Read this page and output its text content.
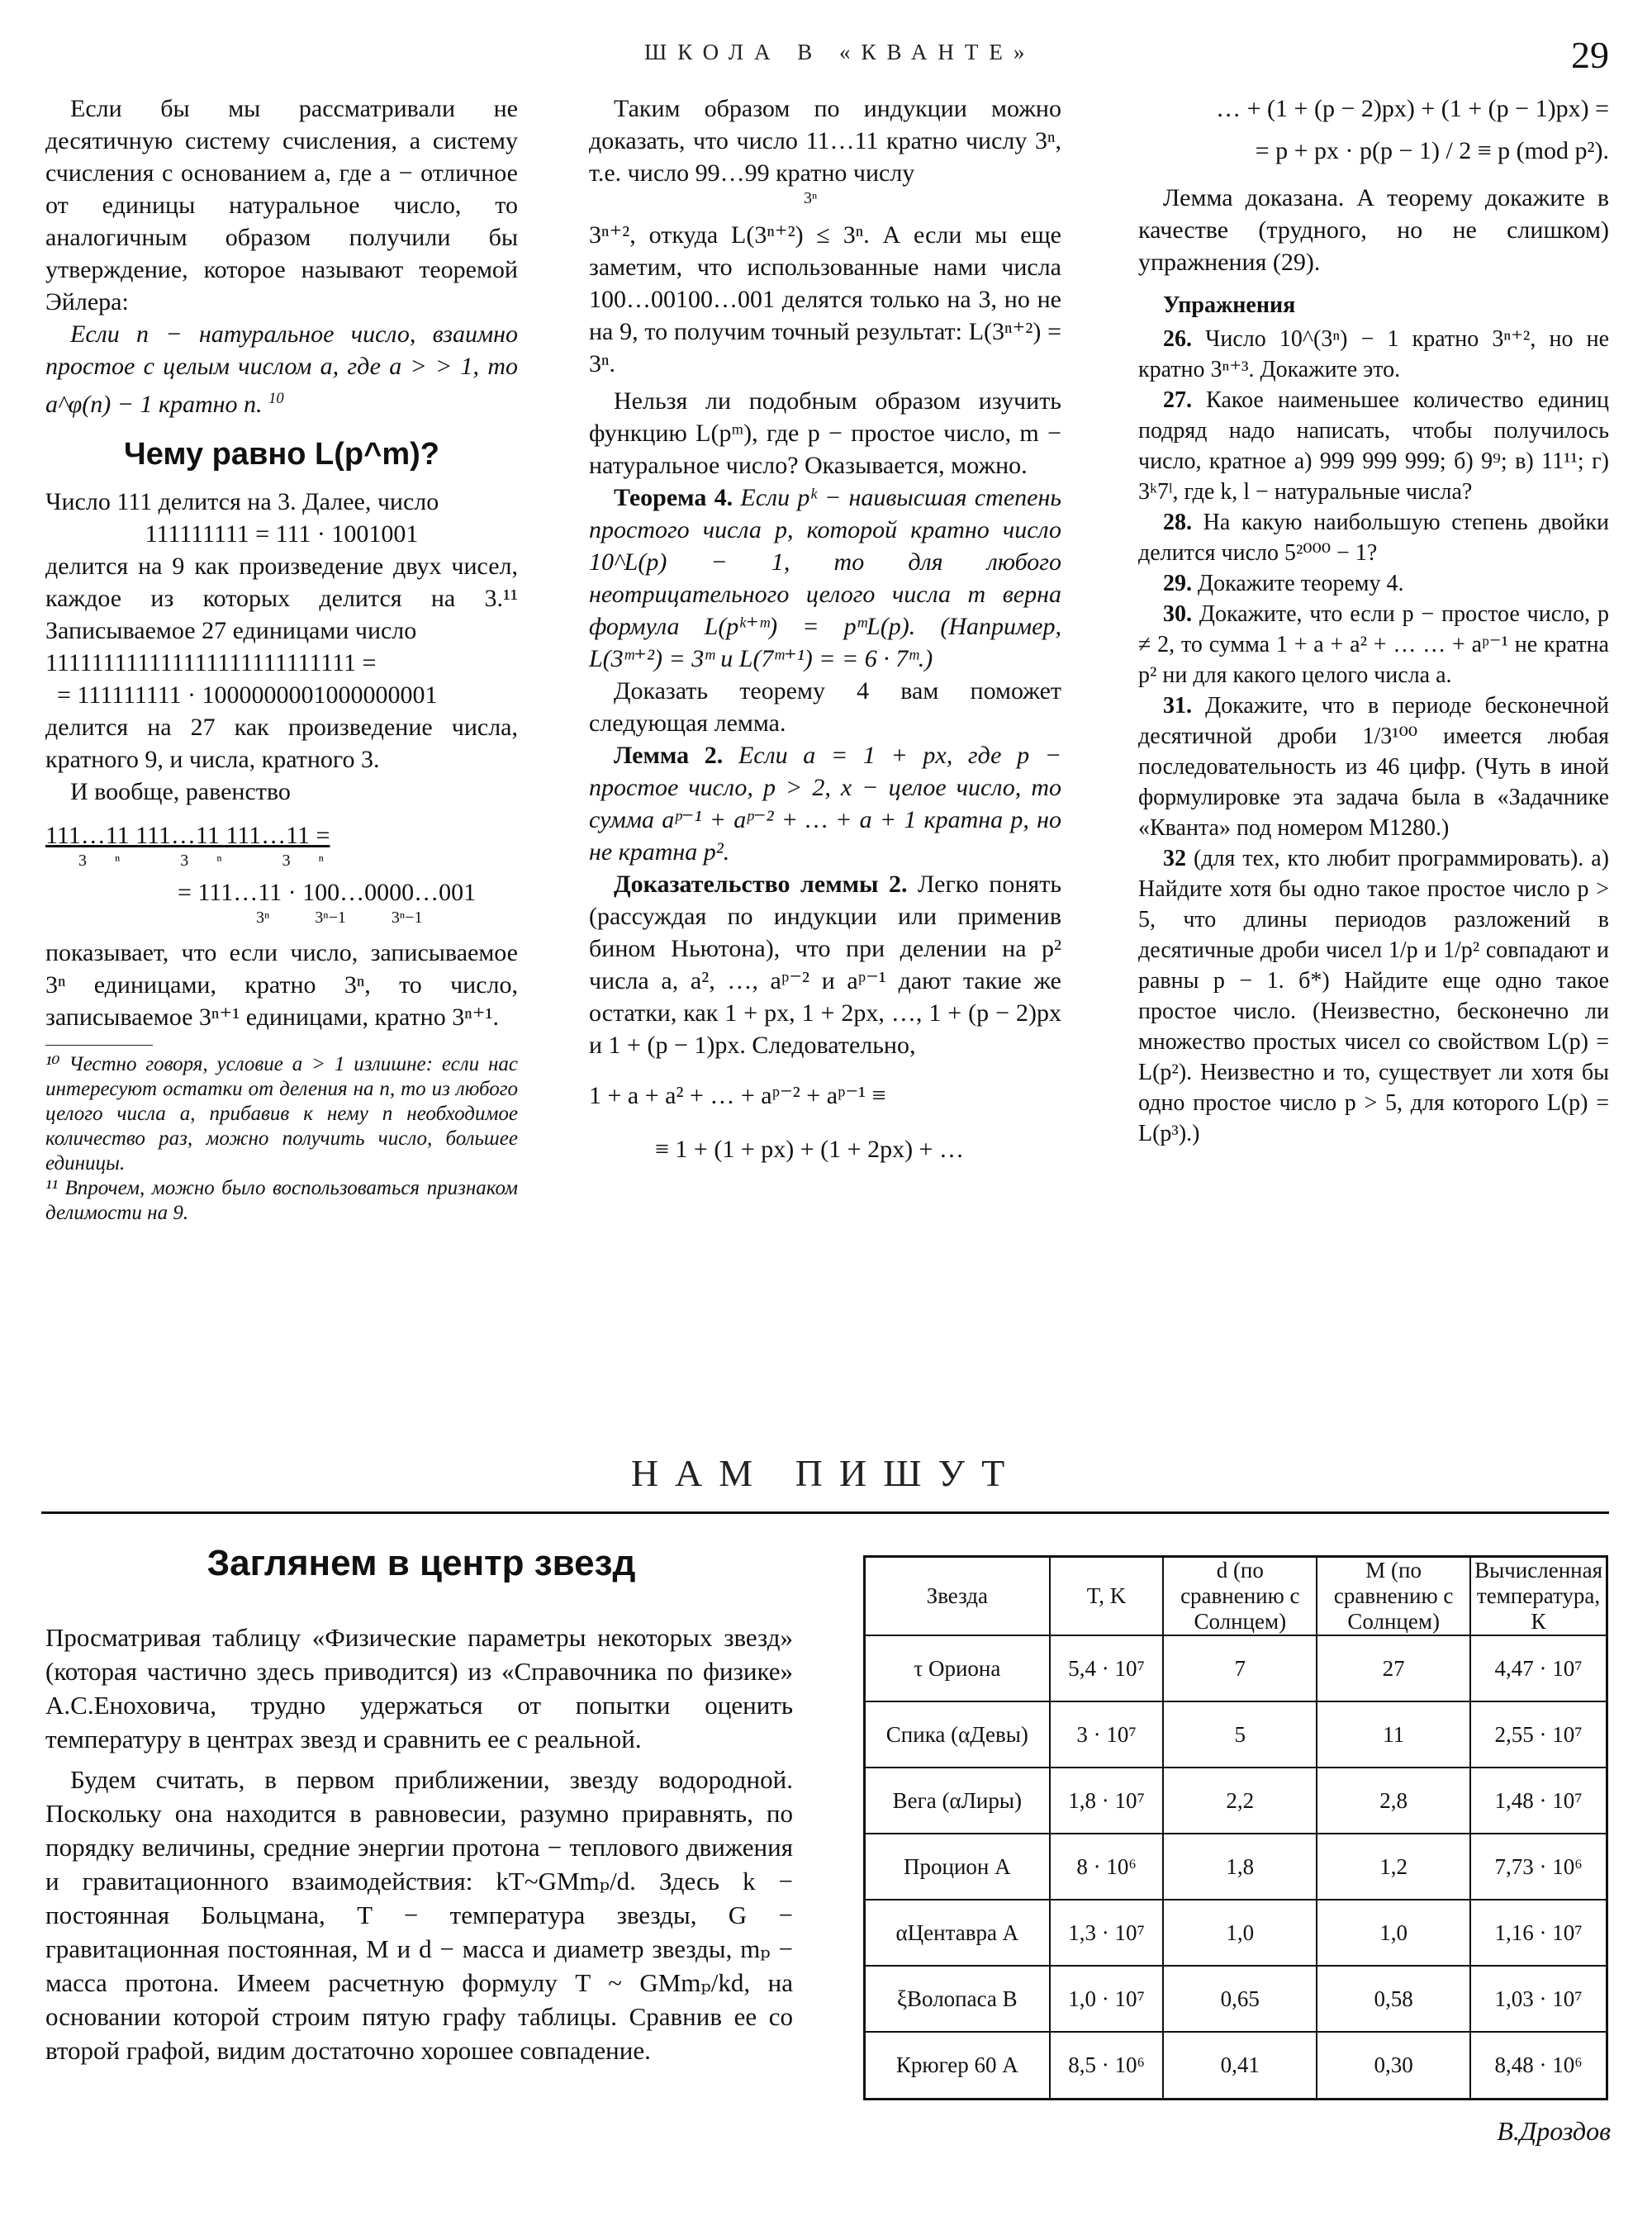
ШКОЛА В «КВАНТЕ»	29

Если бы мы рассматривали не десятичную систему счисления, а систему счисления с основанием a, где a − отличное от единицы натуральное число, то аналогичным образом получили бы утверждение, которое называют теоремой Эйлера:

Если n − натуральное число, взаимно простое с целым числом a, где a > > 1, то a^φ(n) − 1 кратно n. $^{10}$

Чему равно L(p^m)?

Число 111 делится на 3. Далее, число

111111111 = 111 · 1001001

делится на 9 как произведение двух чисел, каждое из которых делится на 3.¹¹ Записываемое 27 единицами число

111111111111111111111111111 =

= 111111111 · 1000000001000000001

делится на 27 как произведение числа, кратного 9, и числа, кратного 3.

И вообще, равенство

111…11 111…11 111…11 =

3ⁿ 3ⁿ 3ⁿ

= 111…11 · 100…0000…001

3ⁿ 3ⁿ−1 3ⁿ−1

показывает, что если число, записываемое 3ⁿ единицами, кратно 3ⁿ, то число, записываемое 3ⁿ⁺¹ единицами, кратно 3ⁿ⁺¹.

¹⁰ Честно говоря, условие a > 1 излишне: если нас интересуют остатки от деления на n, то из любого целого числа a, прибавив к нему n необходимое количество раз, можно получить число, большее единицы.

¹¹ Впрочем, можно было воспользоваться признаком делимости на 9.

Таким образом по индукции можно доказать, что число 11…11 кратно числу 3ⁿ, т.е. число 99…99 кратно числу

3ⁿ

3ⁿ⁺², откуда L(3ⁿ⁺²) ≤ 3ⁿ. А если мы еще заметим, что использованные нами числа 100…00100…001 делятся только на 3, но не на 9, то получим точный результат: L(3ⁿ⁺²) = 3ⁿ.

Нельзя ли подобным образом изучить функцию L(pᵐ), где p − простое число, m − натуральное число? Оказывается, можно.

Теорема 4. Если pᵏ − наивысшая степень простого числа p, которой кратно число 10^L(p) − 1, то для любого неотрицательного целого числа m верна формула L(pᵏ⁺ᵐ) = pᵐL(p). (Например, L(3ᵐ⁺²) = 3ᵐ и L(7ᵐ⁺¹) = = 6 · 7ᵐ.)

Доказать теорему 4 вам поможет следующая лемма.

Лемма 2. Если a = 1 + px, где p − простое число, p > 2, x − целое число, то сумма aᵖ⁻¹ + aᵖ⁻² + … + a + 1 кратна p, но не кратна p².

Доказательство леммы 2. Легко понять (рассуждая по индукции или применив бином Ньютона), что при делении на p² числа a, a², …, aᵖ⁻² и aᵖ⁻¹ дают такие же остатки, как 1 + px, 1 + 2px, …, 1 + (p − 2)px и 1 + (p − 1)px. Следовательно,

1 + a + a² + … + aᵖ⁻² + aᵖ⁻¹ ≡

≡ 1 + (1 + px) + (1 + 2px) + …

… + (1 + (p − 2)px) + (1 + (p − 1)px) =

= p + px · p(p − 1) / 2 ≡ p (mod p²).

Лемма доказана. А теорему докажите в качестве (трудного, но не слишком) упражнения (29).

Упражнения

26. Число 10^(3ⁿ) − 1 кратно 3ⁿ⁺², но не кратно 3ⁿ⁺³. Докажите это.

27. Какое наименьшее количество единиц подряд надо написать, чтобы получилось число, кратное а) 999 999 999; б) 9⁹; в) 11¹¹; г) 3ᵏ7ˡ, где k, l − натуральные числа?

28. На какую наибольшую степень двойки делится число 5²⁰⁰⁰ − 1?

29. Докажите теорему 4.

30. Докажите, что если p − простое число, p ≠ 2, то сумма 1 + a + a² + … … + aᵖ⁻¹ не кратна p² ни для какого целого числа a.

31. Докажите, что в периоде бесконечной десятичной дроби 1/3¹⁰⁰ имеется любая последовательность из 46 цифр. (Чуть в иной формулировке эта задача была в «Задачнике «Кванта» под номером М1280.)

32 (для тех, кто любит программировать). а) Найдите хотя бы одно такое простое число p > 5, что длины периодов разложений в десятичные дроби чисел 1/p и 1/p² совпадают и равны p − 1. б*) Найдите еще одно такое простое число. (Неизвестно, бесконечно ли множество простых чисел со свойством L(p) = L(p²). Неизвестно и то, существует ли хотя бы одно простое число p > 5, для которого L(p) = L(p³).)

НАМ ПИШУТ
Заглянем в центр звезд

Просматривая таблицу «Физические параметры некоторых звезд» (которая частично здесь приводится) из «Справочника по физике» А.С.Еноховича, трудно удержаться от попытки оценить температуру в центрах звезд и сравнить ее с реальной.

Будем считать, в первом приближении, звезду водородной. Поскольку она находится в равновесии, разумно приравнять, по порядку величины, средние энергии протона − теплового движения и гравитационного взаимодействия: kT~GMmₚ/d. Здесь k − постоянная Больцмана, T − температура звезды, G − гравитационная постоянная, M и d − масса и диаметр звезды, mₚ − масса протона. Имеем расчетную формулу T ~ GMmₚ/kd, на основании которой строим пятую графу таблицы. Сравнив ее со второй графой, видим достаточно хорошее совпадение.

Звезда	T, K	d (по сравнению с Солнцем)	M (по сравнению с Солнцем)	Вычисленная температура, К
τ Ориона	5,4 · 10⁷	7	27	4,47 · 10⁷
Спика (αДевы)	3 · 10⁷	5	11	2,55 · 10⁷
Вега (αЛиры)	1,8 · 10⁷	2,2	2,8	1,48 · 10⁷
Процион А	8 · 10⁶	1,8	1,2	7,73 · 10⁶
αЦентавра А	1,3 · 10⁷	1,0	1,0	1,16 · 10⁷
ξВолопаса В	1,0 · 10⁷	0,65	0,58	1,03 · 10⁷
Крюгер 60 А	8,5 · 10⁶	0,41	0,30	8,48 · 10⁶
В.Дроздов
